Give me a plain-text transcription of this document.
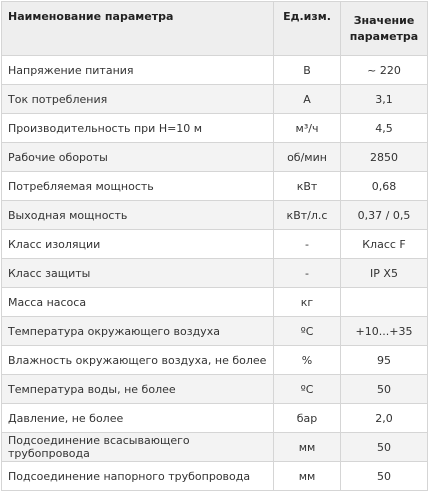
Наименование параметра	Ед.изм.	Значение параметра
Напряжение питания	В	~ 220
Ток потребления	А	3,1
Производительность при H=10 м	м³/ч	4,5
Рабочие обороты	об/мин	2850
Потребляемая мощность	кВт	0,68
Выходная мощность	кВт/л.с	0,37 / 0,5
Класс изоляции	-	Класс F
Класс защиты	-	IP X5
Масса насоса	кг	
Температура окружающего воздуха	ºС	+10...+35
Влажность окружающего воздуха, не более	%	95
Температура воды, не более	ºС	50
Давление, не более	бар	2,0
Подсоединение всасывающего трубопровода	мм	50
Подсоединение напорного трубопровода	мм	50
